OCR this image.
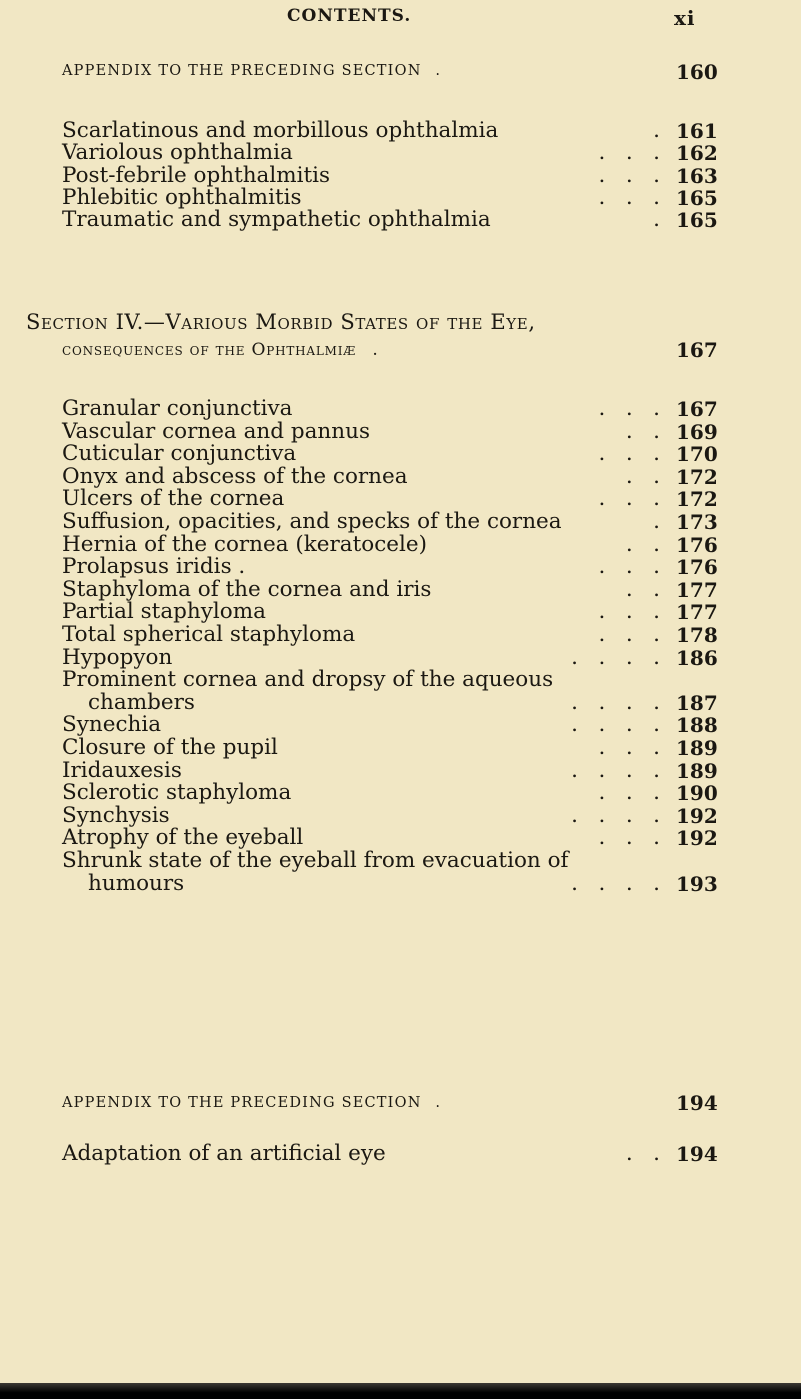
CONTENTS.	xi
APPENDIX TO THE PRECEDING SECTION .	160
Scarlatinous and morbillous ophthalmia	. 161
Variolous ophthalmia	.   .   . 162
Post-febrile ophthalmitis	.   .   . 163
Phlebitic ophthalmitis	.   .   . 165
Traumatic and sympathetic ophthalmia	. 165
Section IV.—Various Morbid States of the Eye,
consequences of the Ophthalmiæ .	167
Granular conjunctiva	.   .   . 167
Vascular cornea and pannus	.   . 169
Cuticular conjunctiva	.   .   . 170
Onyx and abscess of the cornea	.   . 172
Ulcers of the cornea	.   .   . 172
Suffusion, opacities, and specks of the cornea	. 173
Hernia of the cornea (keratocele)	.   . 176
Prolapsus iridis .	.   .   . 176
Staphyloma of the cornea and iris	.   . 177
Partial staphyloma	.   .   . 177
Total spherical staphyloma	.   .   . 178
Hypopyon	.   .   .   . 186
Prominent cornea and dropsy of the aqueous
chambers	.   .   .   . 187
Synechia	.   .   .   . 188
Closure of the pupil	.   .   . 189
Iridauxesis	.   .   .   . 189
Sclerotic staphyloma	.   .   . 190
Synchysis	.   .   .   . 192
Atrophy of the eyeball	.   .   . 192
Shrunk state of the eyeball from evacuation of
humours	.   .   .   . 193
APPENDIX TO THE PRECEDING SECTION .	194
Adaptation of an artificial eye	.   . 194
